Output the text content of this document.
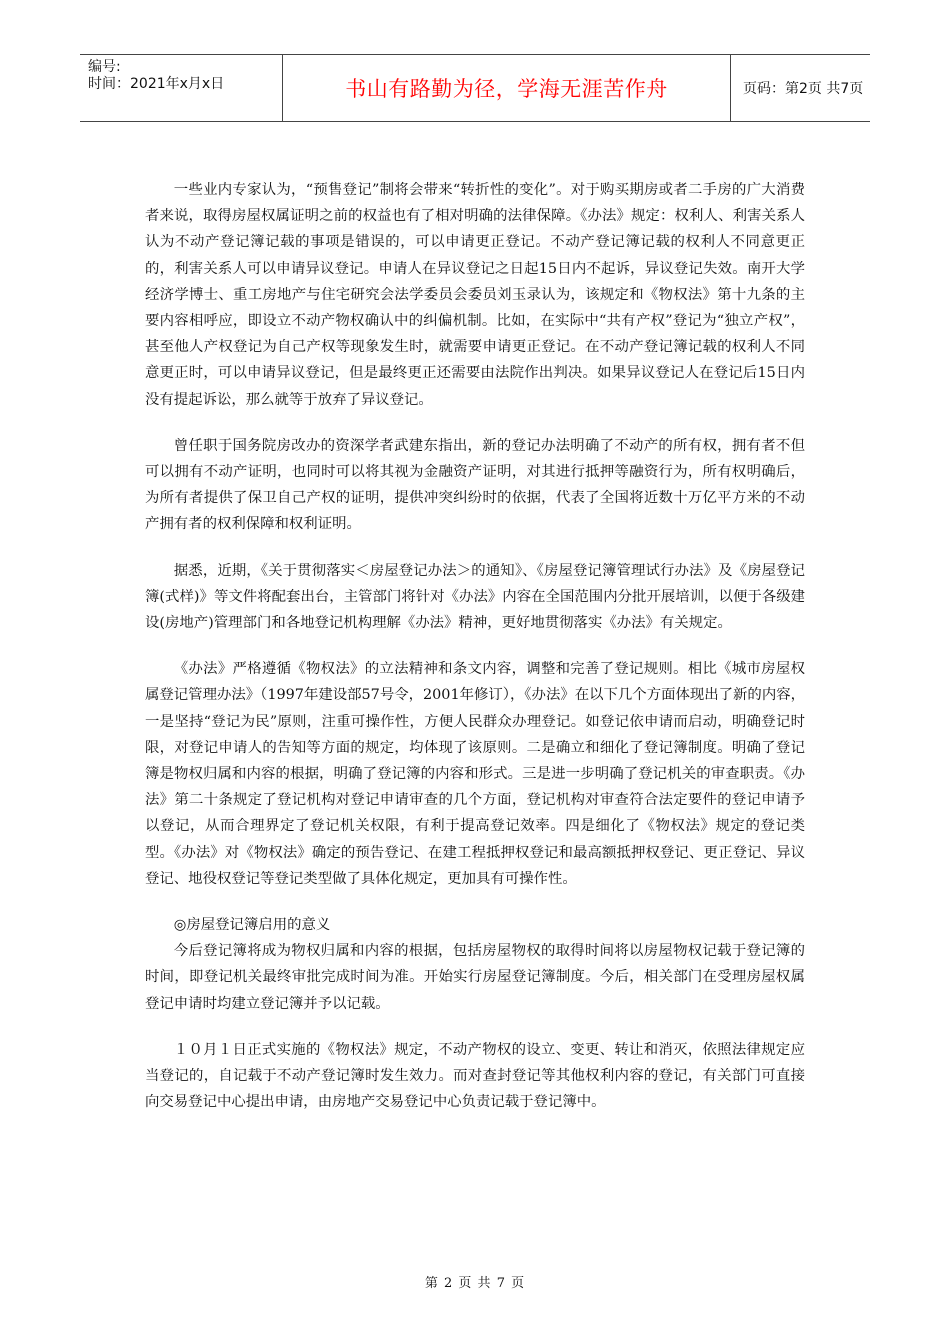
编号:
时间：2021年x月x日	书山有路勤为径，学海无涯苦作舟	页码：第2页 共7页

一些业内专家认为，“预售登记”制将会带来“转折性的变化”。对于购买期房或者二手房的广大消费者来说，取得房屋权属证明之前的权益也有了相对明确的法律保障。《办法》规定：权利人、利害关系人认为不动产登记簿记载的事项是错误的，可以申请更正登记。不动产登记簿记载的权利人不同意更正的，利害关系人可以申请异议登记。申请人在异议登记之日起15日内不起诉，异议登记失效。南开大学经济学博士、重工房地产与住宅研究会法学委员会委员刘玉录认为，该规定和《物权法》第十九条的主要内容相呼应，即设立不动产物权确认中的纠偏机制。比如，在实际中“共有产权”登记为“独立产权”，甚至他人产权登记为自己产权等现象发生时，就需要申请更正登记。在不动产登记簿记载的权利人不同意更正时，可以申请异议登记，但是最终更正还需要由法院作出判决。如果异议登记人在登记后15日内没有提起诉讼，那么就等于放弃了异议登记。

曾任职于国务院房改办的资深学者武建东指出，新的登记办法明确了不动产的所有权，拥有者不但可以拥有不动产证明，也同时可以将其视为金融资产证明，对其进行抵押等融资行为，所有权明确后，为所有者提供了保卫自己产权的证明，提供冲突纠纷时的依据，代表了全国将近数十万亿平方米的不动产拥有者的权利保障和权利证明。

据悉，近期，《关于贯彻落实＜房屋登记办法＞的通知》、《房屋登记簿管理试行办法》及《房屋登记簿(式样)》等文件将配套出台，主管部门将针对《办法》内容在全国范围内分批开展培训，以便于各级建设(房地产)管理部门和各地登记机构理解《办法》精神，更好地贯彻落实《办法》有关规定。

《办法》严格遵循《物权法》的立法精神和条文内容，调整和完善了登记规则。相比《城市房屋权属登记管理办法》（1997年建设部57号令，2001年修订），《办法》在以下几个方面体现出了新的内容，一是坚持“登记为民”原则，注重可操作性，方便人民群众办理登记。如登记依申请而启动，明确登记时限，对登记申请人的告知等方面的规定，均体现了该原则。二是确立和细化了登记簿制度。明确了登记簿是物权归属和内容的根据，明确了登记簿的内容和形式。三是进一步明确了登记机关的审查职责。《办法》第二十条规定了登记机构对登记申请审查的几个方面，登记机构对审查符合法定要件的登记申请予以登记，从而合理界定了登记机关权限，有利于提高登记效率。四是细化了《物权法》规定的登记类型。《办法》对《物权法》确定的预告登记、在建工程抵押权登记和最高额抵押权登记、更正登记、异议登记、地役权登记等登记类型做了具体化规定，更加具有可操作性。

◎房屋登记簿启用的意义

今后登记簿将成为物权归属和内容的根据，包括房屋物权的取得时间将以房屋物权记载于登记簿的时间，即登记机关最终审批完成时间为准。开始实行房屋登记簿制度。今后，相关部门在受理房屋权属登记申请时均建立登记簿并予以记载。

１０月１日正式实施的《物权法》规定，不动产物权的设立、变更、转让和消灭，依照法律规定应当登记的，自记载于不动产登记簿时发生效力。而对查封登记等其他权利内容的登记，有关部门可直接向交易登记中心提出申请，由房地产交易登记中心负责记载于登记簿中。

第 2 页 共 7 页
